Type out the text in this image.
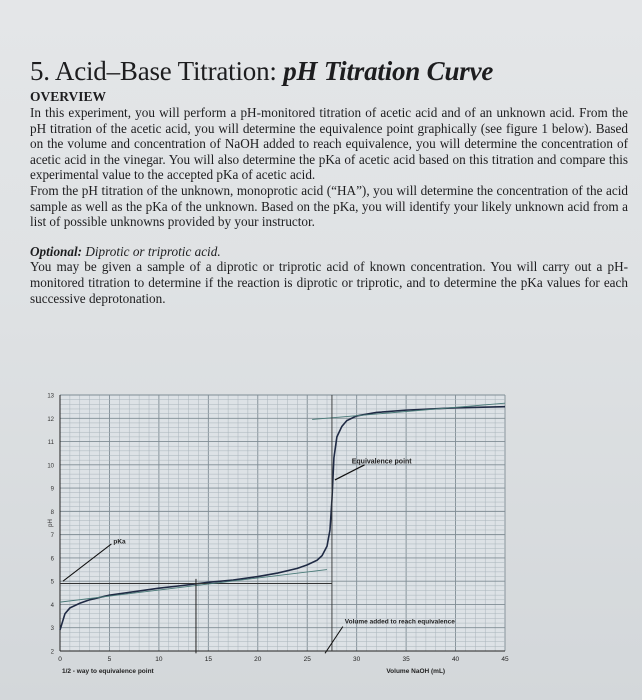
5. Acid–Base Titration: pH Titration Curve
OVERVIEW

In this experiment, you will perform a pH-monitored titration of acetic acid and of an unknown acid. From the pH titration of the acetic acid, you will determine the equivalence point graphically (see figure 1 below). Based on the volume and concentration of NaOH added to reach equivalence, you will determine the concentration of acetic acid in the vinegar. You will also determine the pKa of acetic acid based on this titration and compare this experimental value to the accepted pKa of acetic acid.

From the pH titration of the unknown, monoprotic acid (“HA”), you will determine the concentration of the acid sample as well as the pKa of the unknown. Based on the pKa, you will identify your likely unknown acid from a list of possible unknowns provided by your instructor.

Optional: Diprotic or triprotic acid.

You may be given a sample of a diprotic or triprotic acid of known concentration. You will carry out a pH-monitored titration to determine if the reaction is diprotic or triprotic, and to determine the pKa values for each successive deprotonation.

2
3
4
5
6
7
8
9
10
11
12
13
0	5	10	15	20	25	30	35	40	45
pH
Volume NaOH (mL)
Equivalence point
Volume added to reach equivalence
pKa
1/2 - way to equivalence point
